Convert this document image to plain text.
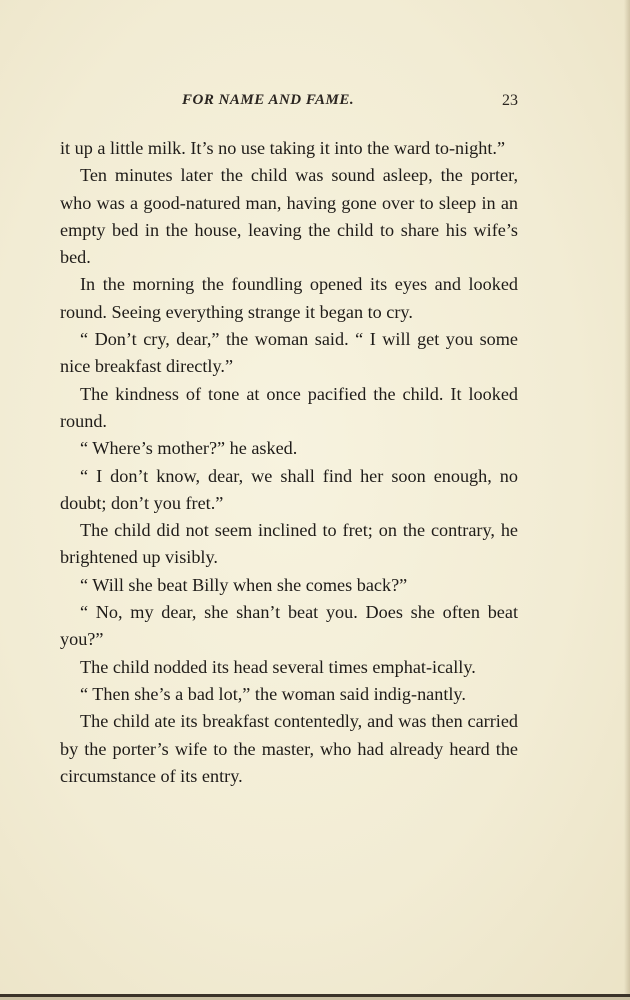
FOR NAME AND FAME.	23

it up a little milk. It’s no use taking it into the ward to-night.”

Ten minutes later the child was sound asleep, the porter, who was a good-natured man, having gone over to sleep in an empty bed in the house, leaving the child to share his wife’s bed.

In the morning the foundling opened its eyes and looked round. Seeing everything strange it began to cry.

“ Don’t cry, dear,” the woman said. “ I will get you some nice breakfast directly.”

The kindness of tone at once pacified the child. It looked round.

“ Where’s mother?” he asked.

“ I don’t know, dear, we shall find her soon enough, no doubt; don’t you fret.”

The child did not seem inclined to fret; on the contrary, he brightened up visibly.

“ Will she beat Billy when she comes back?”

“ No, my dear, she shan’t beat you. Does she often beat you?”

The child nodded its head several times emphat-ically.

“ Then she’s a bad lot,” the woman said indig-nantly.

The child ate its breakfast contentedly, and was then carried by the porter’s wife to the master, who had already heard the circumstance of its entry.
